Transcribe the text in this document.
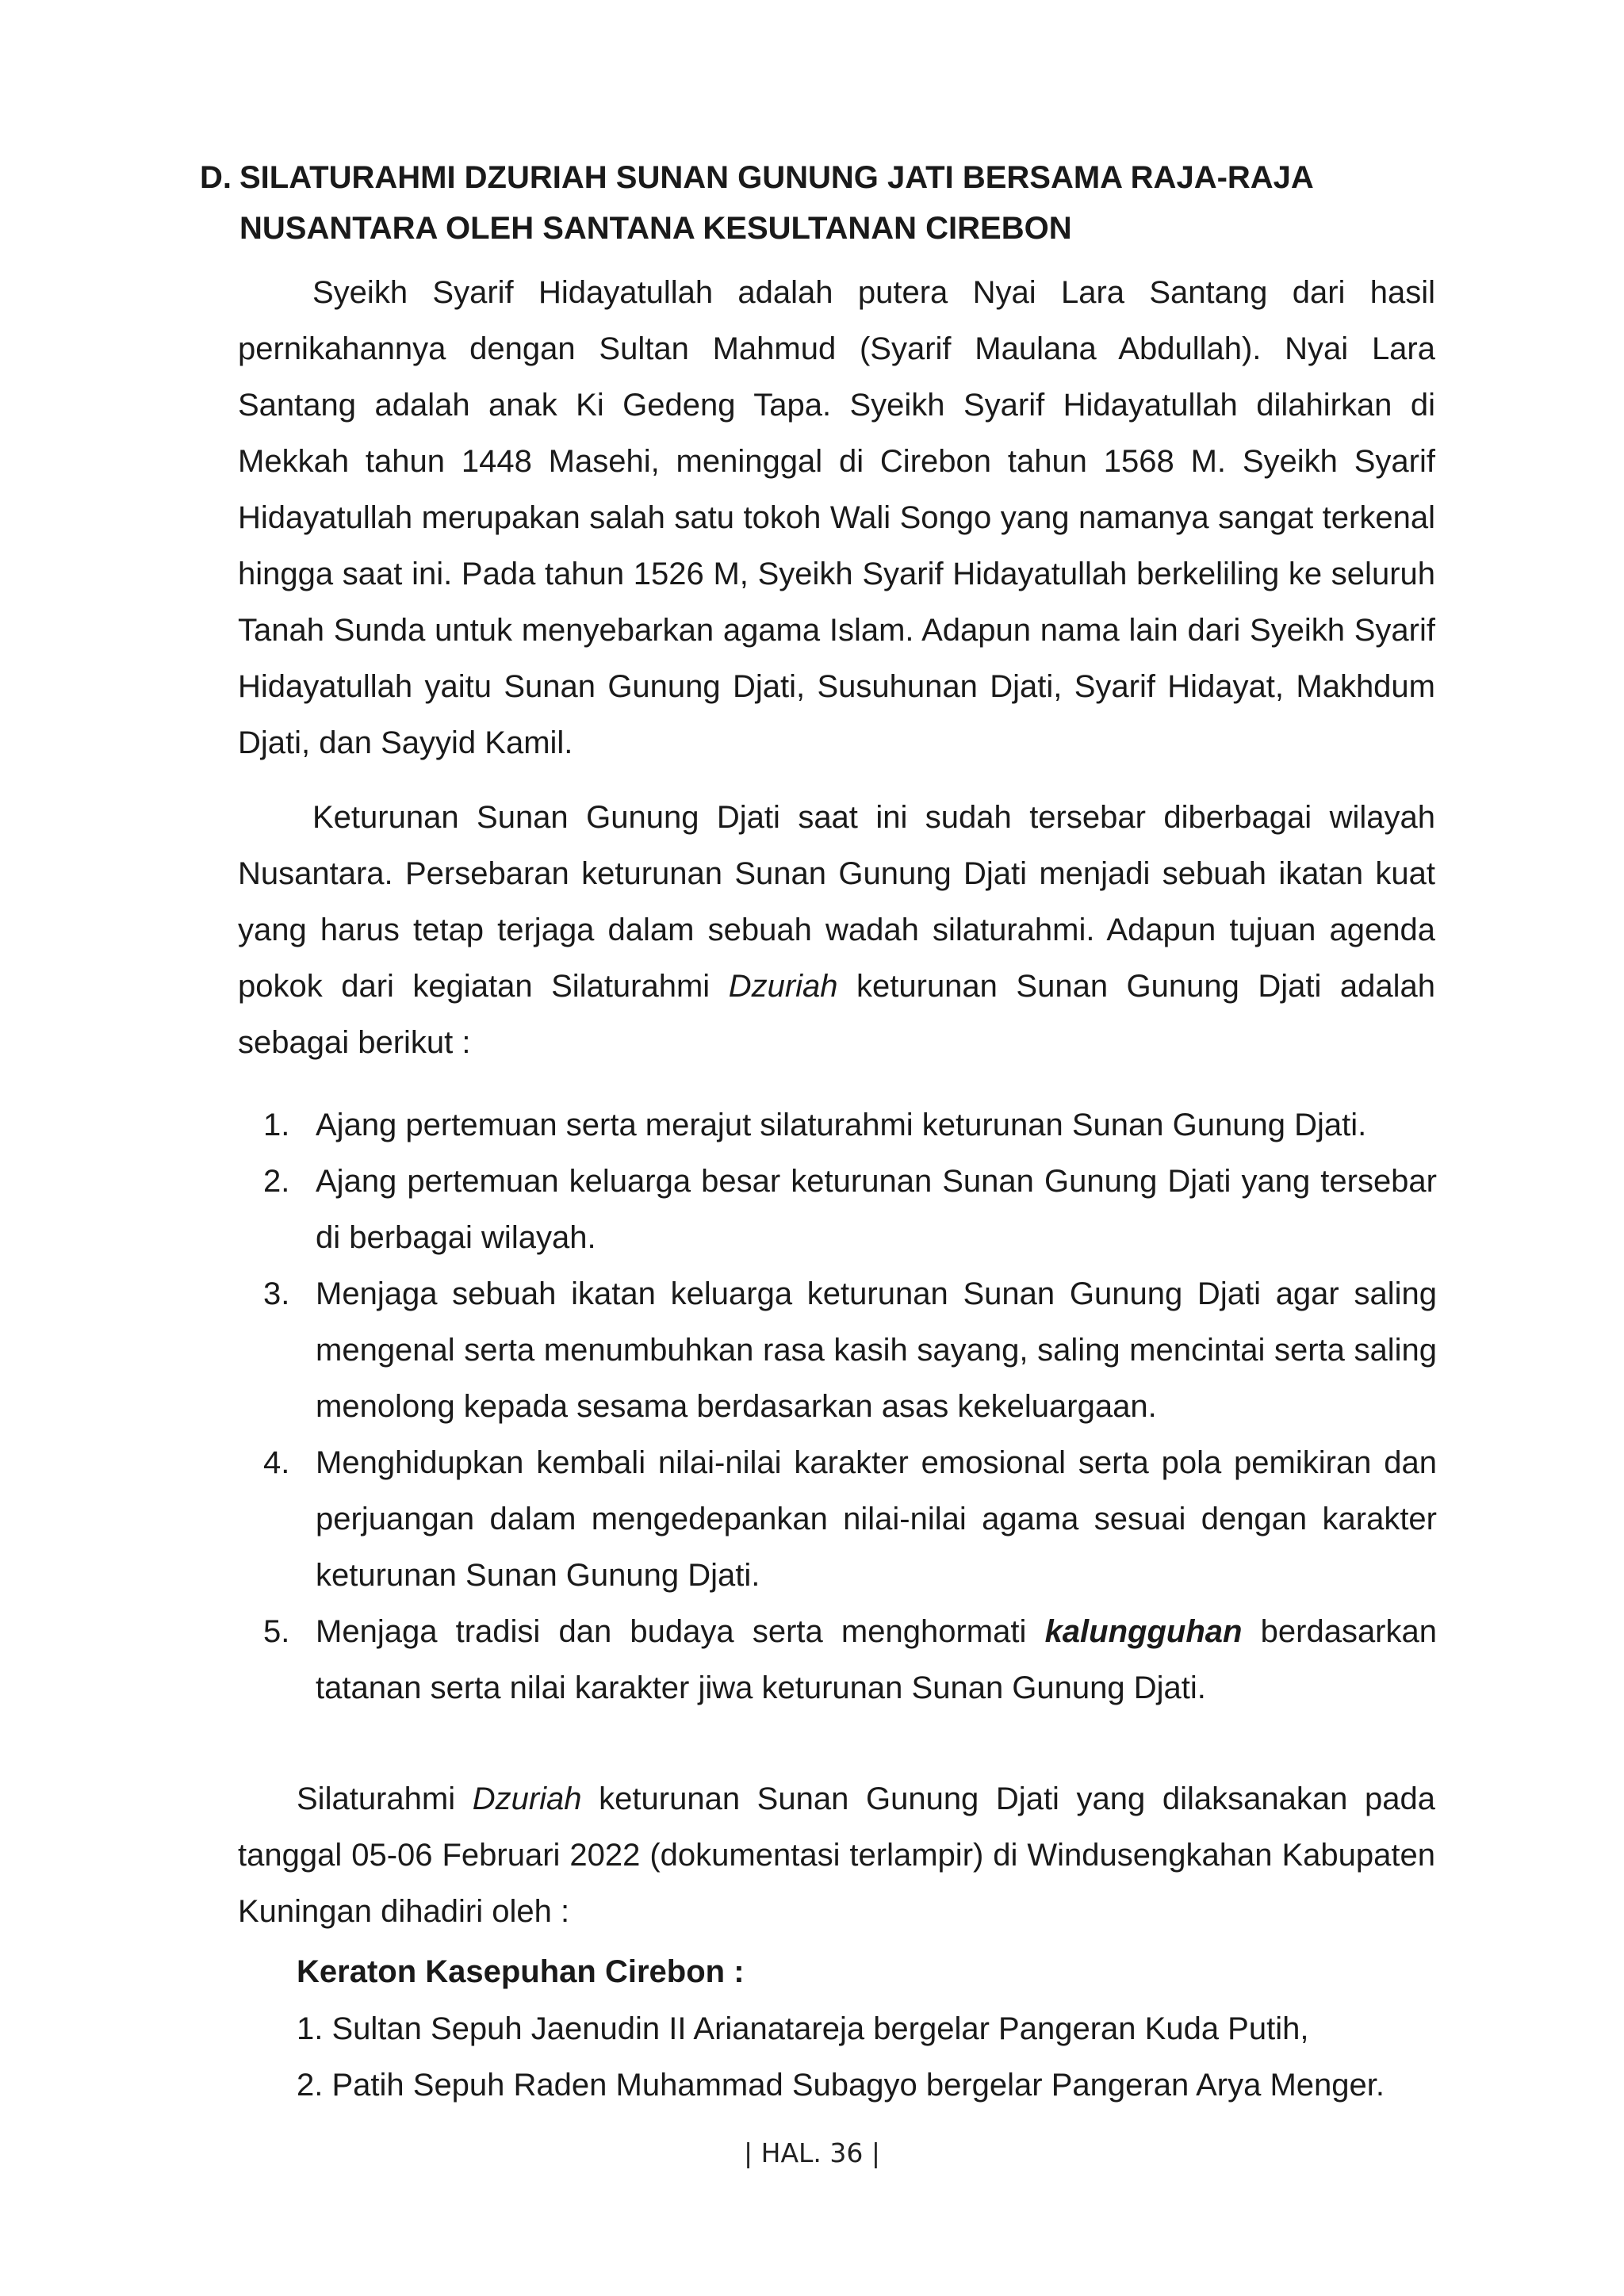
D. SILATURAHMI DZURIAH SUNAN GUNUNG JATI BERSAMA RAJA-RAJA NUSANTARA OLEH SANTANA KESULTANAN CIREBON
Syeikh Syarif Hidayatullah adalah putera Nyai Lara Santang dari hasil pernikahannya dengan Sultan Mahmud (Syarif Maulana Abdullah). Nyai Lara Santang adalah anak Ki Gedeng Tapa. Syeikh Syarif Hidayatullah dilahirkan di Mekkah tahun 1448 Masehi, meninggal di Cirebon tahun 1568 M. Syeikh Syarif Hidayatullah merupakan salah satu tokoh Wali Songo yang namanya sangat terkenal hingga saat ini. Pada tahun 1526 M, Syeikh Syarif Hidayatullah berkeliling ke seluruh Tanah Sunda untuk menyebarkan agama Islam. Adapun nama lain dari Syeikh Syarif Hidayatullah yaitu Sunan Gunung Djati, Susuhunan Djati, Syarif Hidayat, Makhdum Djati, dan Sayyid Kamil.
Keturunan Sunan Gunung Djati saat ini sudah tersebar diberbagai wilayah Nusantara. Persebaran keturunan Sunan Gunung Djati menjadi sebuah ikatan kuat yang harus tetap terjaga dalam sebuah wadah silaturahmi. Adapun tujuan agenda pokok dari kegiatan Silaturahmi Dzuriah keturunan Sunan Gunung Djati adalah sebagai berikut :
1. Ajang pertemuan serta merajut silaturahmi keturunan Sunan Gunung Djati.
2. Ajang pertemuan keluarga besar keturunan Sunan Gunung Djati yang tersebar di berbagai wilayah.
3. Menjaga sebuah ikatan keluarga keturunan Sunan Gunung Djati agar saling mengenal serta menumbuhkan rasa kasih sayang, saling mencintai serta saling menolong kepada sesama berdasarkan asas kekeluargaan.
4. Menghidupkan kembali nilai-nilai karakter emosional serta pola pemikiran dan perjuangan dalam mengedepankan nilai-nilai agama sesuai dengan karakter keturunan Sunan Gunung Djati.
5. Menjaga tradisi dan budaya serta menghormati kalungguhan berdasarkan tatanan serta nilai karakter jiwa keturunan Sunan Gunung Djati.
Silaturahmi Dzuriah keturunan Sunan Gunung Djati yang dilaksanakan pada tanggal 05-06 Februari 2022 (dokumentasi terlampir) di Windusengkahan Kabupaten Kuningan dihadiri oleh :
Keraton Kasepuhan Cirebon :
1. Sultan Sepuh Jaenudin II Arianatareja bergelar Pangeran Kuda Putih,
2. Patih Sepuh Raden Muhammad Subagyo bergelar Pangeran Arya Menger.
| HAL. 36 |
